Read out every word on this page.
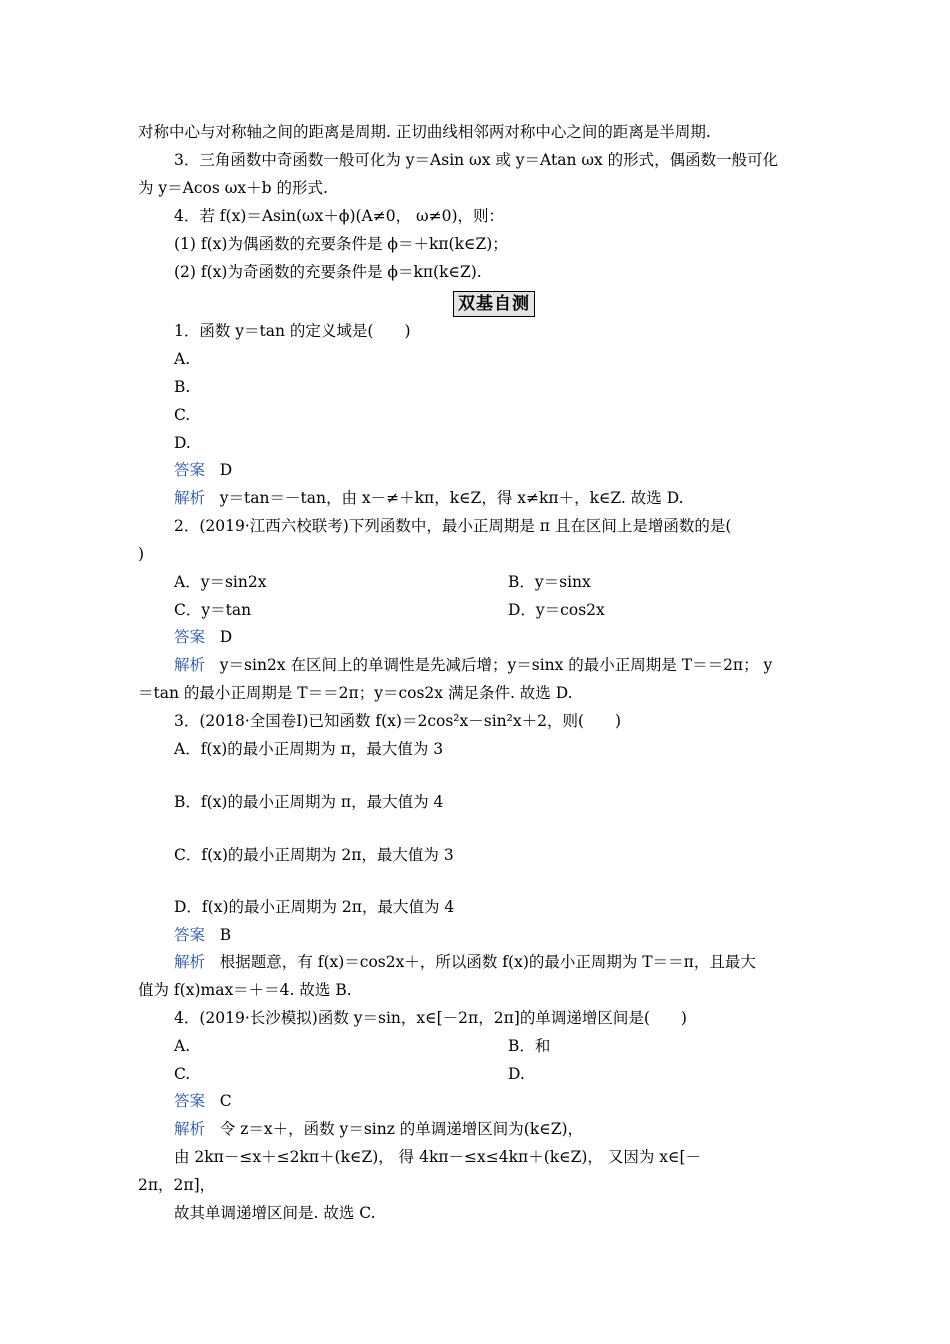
对称中心与对称轴之间的距离是周期. 正切曲线相邻两对称中心之间的距离是半周期.
3．三角函数中奇函数一般可化为 y＝Asin ωx 或 y＝Atan ωx 的形式，偶函数一般可化
为 y＝Acos ωx＋b 的形式.
4．若 f(x)＝Asin(ωx＋ϕ)(A≠0， ω≠0)，则：
(1) f(x)为偶函数的充要条件是 ϕ＝＋kπ(k∈Z)；
(2) f(x)为奇函数的充要条件是 ϕ＝kπ(k∈Z).
双基自测
1．函数 y＝tan 的定义域是(　　)
A.
B.
C.
D.
答案 D
解析 y＝tan＝－tan，由 x－≠＋kπ，k∈Z，得 x≠kπ＋，k∈Z. 故选 D.
2．(2019·江西六校联考)下列函数中，最小正周期是 π 且在区间上是增函数的是(
)
A．y＝sin2x	B．y＝sinx
C．y＝tan	D．y＝cos2x
答案 D
解析 y＝sin2x 在区间上的单调性是先减后增；y＝sinx 的最小正周期是 T＝＝2π； y
＝tan 的最小正周期是 T＝＝2π；y＝cos2x 满足条件. 故选 D.
3．(2018·全国卷Ⅰ)已知函数 f(x)＝2cos²x－sin²x＋2，则(　　)
A．f(x)的最小正周期为 π，最大值为 3
B．f(x)的最小正周期为 π，最大值为 4
C．f(x)的最小正周期为 2π，最大值为 3
D．f(x)的最小正周期为 2π，最大值为 4
答案 B
解析 根据题意，有 f(x)＝cos2x＋，所以函数 f(x)的最小正周期为 T＝＝π，且最大
值为 f(x)max＝＋＝4. 故选 B.
4．(2019·长沙模拟)函数 y＝sin，x∈[－2π，2π]的单调递增区间是(　　)
A.	B．和
C.	D.
答案 C
解析 令 z＝x＋，函数 y＝sinz 的单调递增区间为(k∈Z)，
由 2kπ－≤x＋≤2kπ＋(k∈Z)， 得 4kπ－≤x≤4kπ＋(k∈Z)， 又因为 x∈[－
2π，2π]，
故其单调递增区间是. 故选 C.
